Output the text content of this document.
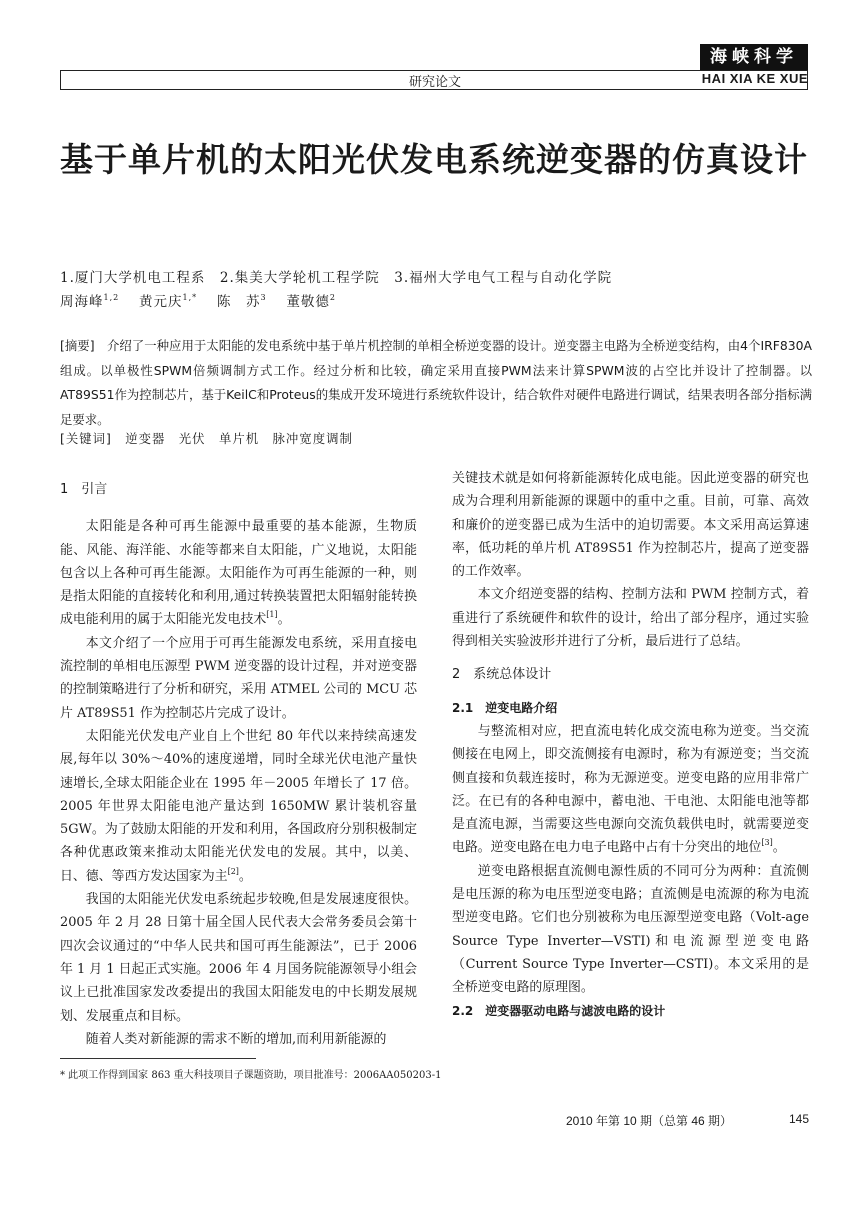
海峡科学
研究论文	HAI XIA KE XUE
基于单片机的太阳光伏发电系统逆变器的仿真设计
1.厦门大学机电工程系　2.集美大学轮机工程学院　3.福州大学电气工程与自动化学院
周海峰$^{1,2}$　 黄元庆$^{1,*}$　 陈　苏$^3$　 董敬德$^2$
[摘要]　介绍了一种应用于太阳能的发电系统中基于单片机控制的单相全桥逆变器的设计。逆变器主电路为全桥逆变结构，由4个IRF830A组成。以单极性SPWM倍频调制方式工作。经过分析和比较，确定采用直接PWM法来计算SPWM波的占空比并设计了控制器。以AT89S51作为控制芯片，基于KeilC和Proteus的集成开发环境进行系统软件设计，结合软件对硬件电路进行调试，结果表明各部分指标满足要求。
[关键词]　逆变器　光伏　单片机　脉冲宽度调制

1　引言

太阳能是各种可再生能源中最重要的基本能源，生物质能、风能、海洋能、水能等都来自太阳能，广义地说，太阳能包含以上各种可再生能源。太阳能作为可再生能源的一种，则是指太阳能的直接转化和利用,通过转换装置把太阳辐射能转换成电能利用的属于太阳能光发电技术[1]。

本文介绍了一个应用于可再生能源发电系统，采用直接电流控制的单相电压源型 PWM 逆变器的设计过程，并对逆变器的控制策略进行了分析和研究，采用 ATMEL 公司的 MCU 芯片 AT89S51 作为控制芯片完成了设计。

太阳能光伏发电产业自上个世纪 80 年代以来持续高速发展,每年以 30%～40%的速度递增，同时全球光伏电池产量快速增长,全球太阳能企业在 1995 年－2005 年增长了 17 倍。2005 年世界太阳能电池产量达到 1650MW 累计装机容量 5GW。为了鼓励太阳能的开发和利用，各国政府分别积极制定各种优惠政策来推动太阳能光伏发电的发展。其中，以美、日、德、等西方发达国家为主[2]。

我国的太阳能光伏发电系统起步较晚,但是发展速度很快。2005 年 2 月 28 日第十届全国人民代表大会常务委员会第十四次会议通过的“中华人民共和国可再生能源法”，已于 2006 年 1 月 1 日起正式实施。2006 年 4 月国务院能源领导小组会议上已批准国家发改委提出的我国太阳能发电的中长期发展规划、发展重点和目标。

随着人类对新能源的需求不断的增加,而利用新能源的

关键技术就是如何将新能源转化成电能。因此逆变器的研究也成为合理利用新能源的课题中的重中之重。目前，可靠、高效和廉价的逆变器已成为生活中的迫切需要。本文采用高运算速率，低功耗的单片机 AT89S51 作为控制芯片，提高了逆变器的工作效率。

本文介绍逆变器的结构、控制方法和 PWM 控制方式，着重进行了系统硬件和软件的设计，给出了部分程序，通过实验得到相关实验波形并进行了分析，最后进行了总结。

2　系统总体设计

2.1　逆变电路介绍

与整流相对应，把直流电转化成交流电称为逆变。当交流侧接在电网上，即交流侧接有电源时，称为有源逆变；当交流侧直接和负载连接时，称为无源逆变。逆变电路的应用非常广泛。在已有的各种电源中，蓄电池、干电池、太阳能电池等都是直流电源，当需要这些电源向交流负载供电时，就需要逆变电路。逆变电路在电力电子电路中占有十分突出的地位[3]。

逆变电路根据直流侧电源性质的不同可分为两种：直流侧是电压源的称为电压型逆变电路；直流侧是电流源的称为电流型逆变电路。它们也分别被称为电压源型逆变电路（Volt-age Source Type Inverter—VSTI)和电流源型逆变电路（Current Source Type Inverter—CSTI)。本文采用的是全桥逆变电路的原理图。

2.2　逆变器驱动电路与滤波电路的设计

* 此项工作得到国家 863 重大科技项目子课题资助，项目批准号：2006AA050203-1
2010 年第 10 期（总第 46 期）	145
